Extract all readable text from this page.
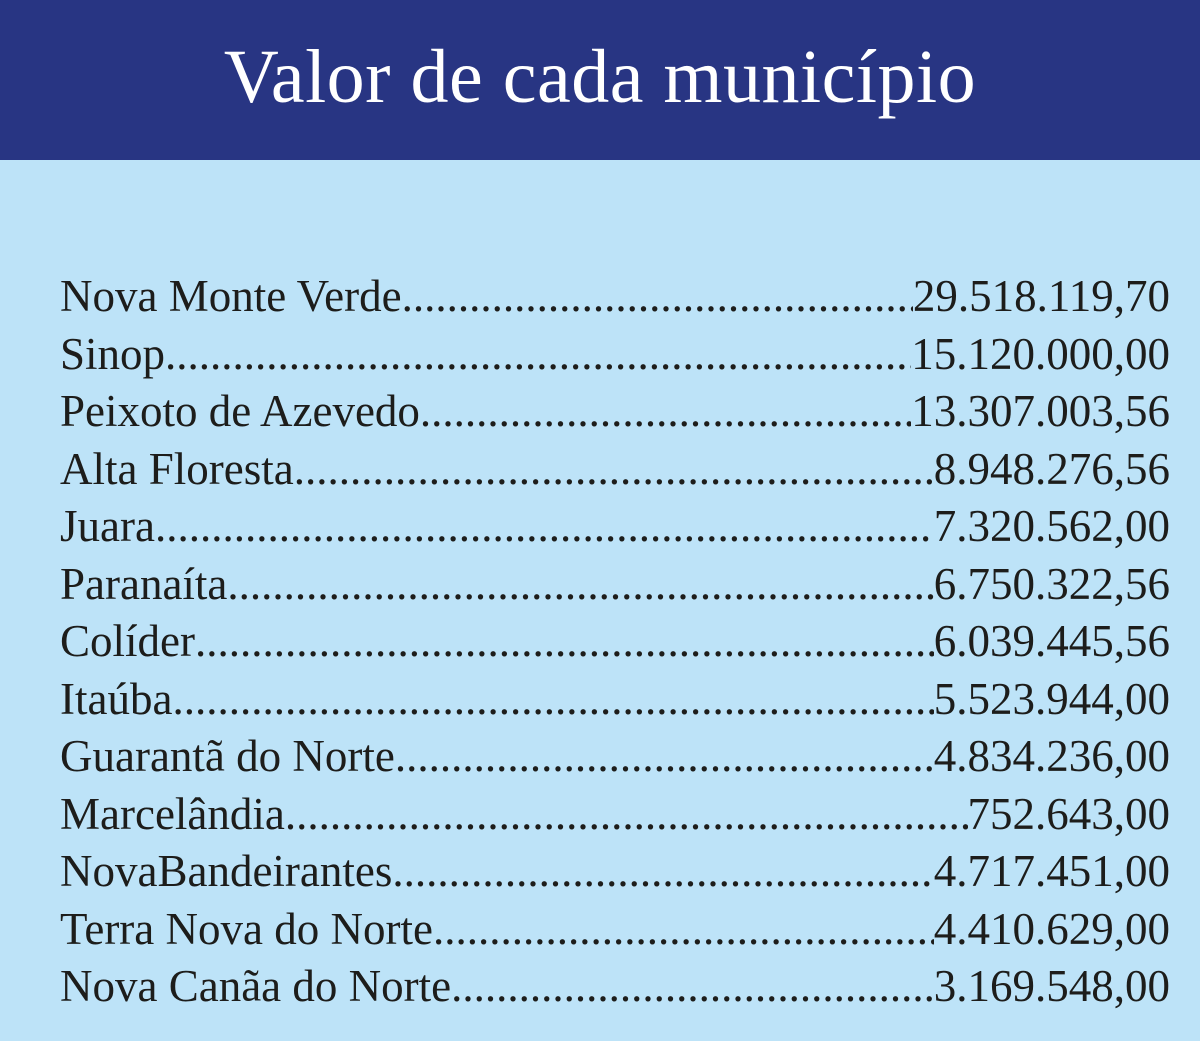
Valor de cada município
Nova Monte Verde .....	29.518.119,70
Sinop .....	15.120.000,00
Peixoto de Azevedo .....	13.307.003,56
Alta Floresta .....	8.948.276,56
Juara .....	7.320.562,00
Paranaíta .....	6.750.322,56
Colíder .....	6.039.445,56
Itaúba .....	5.523.944,00
Guarantã do Norte .....	4.834.236,00
Marcelândia .....	752.643,00
NovaBandeirantes .....	4.717.451,00
Terra Nova do Norte .....	4.410.629,00
Nova Canãa do Norte .....	3.169.548,00
